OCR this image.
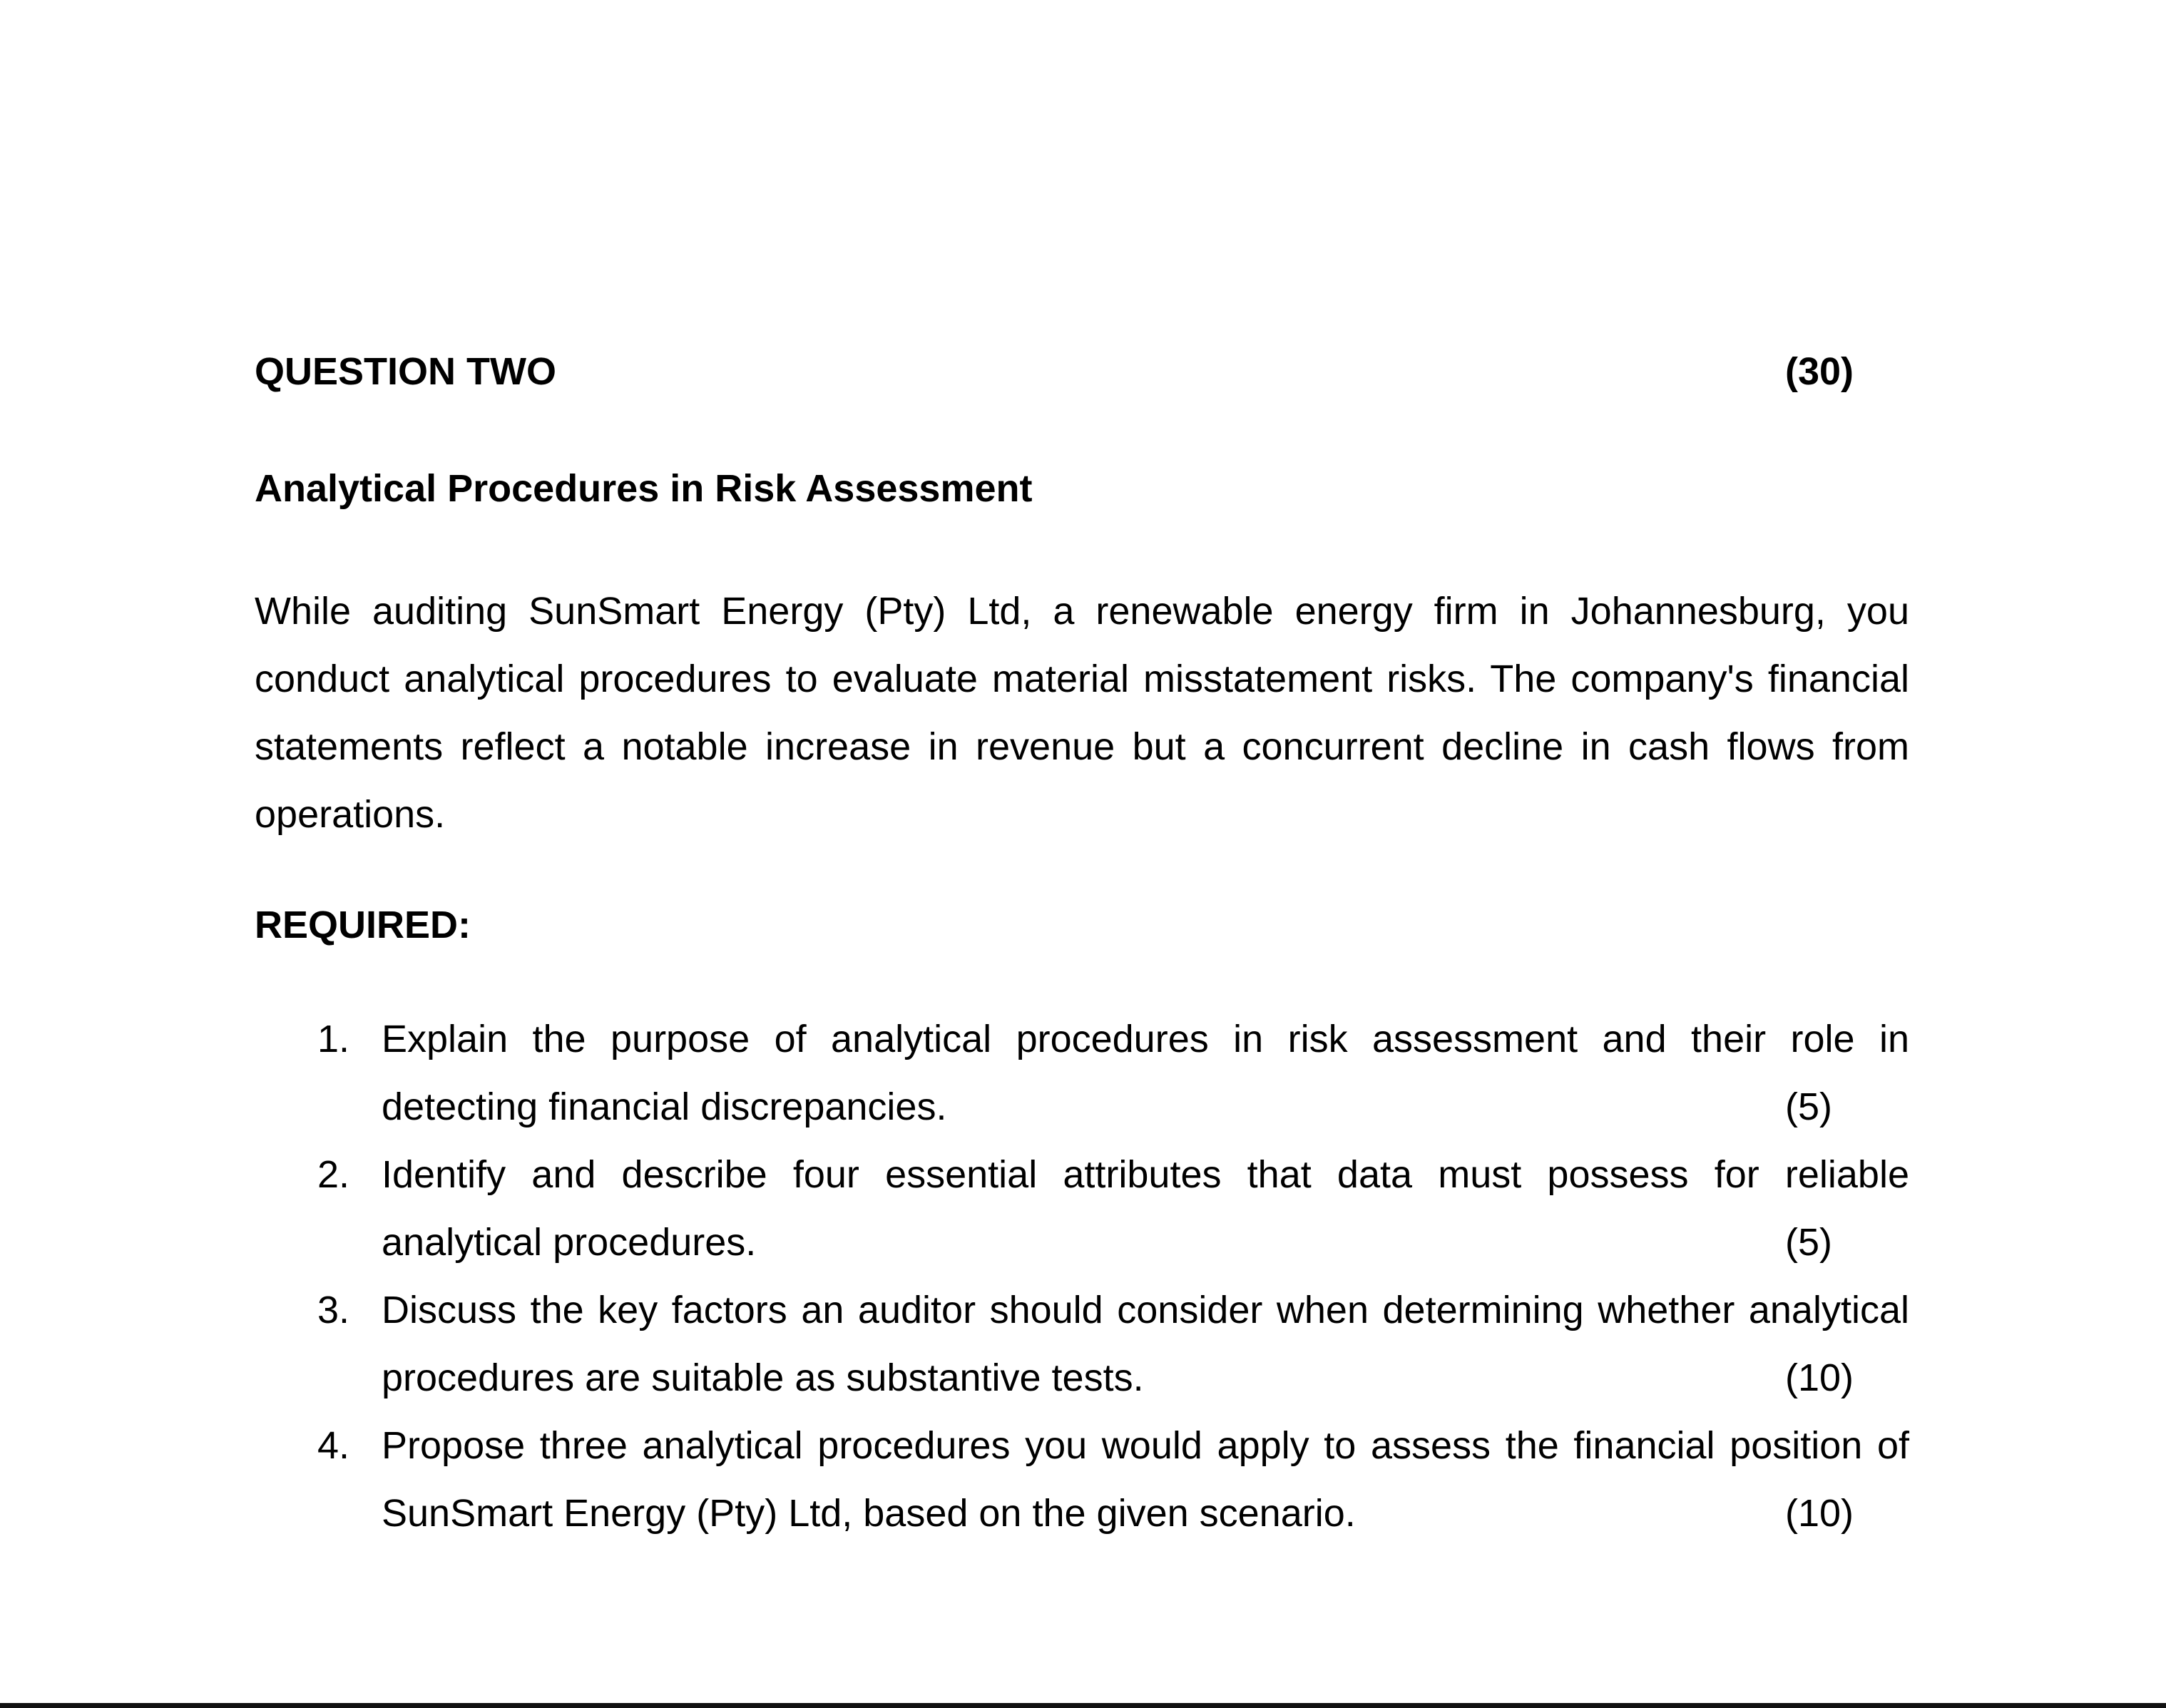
QUESTION TWO	(30)
Analytical Procedures in Risk Assessment

While auditing SunSmart Energy (Pty) Ltd, a renewable energy firm in Johannesburg, you conduct analytical procedures to evaluate material misstatement risks. The company's financial statements reflect a notable increase in revenue but a concurrent decline in cash flows from operations.

REQUIRED:
1. Explain the purpose of analytical procedures in risk assessment and their role in detecting financial discrepancies.	(5)
2. Identify and describe four essential attributes that data must possess for reliable analytical procedures.	(5)
3. Discuss the key factors an auditor should consider when determining whether analytical procedures are suitable as substantive tests.	(10)
4. Propose three analytical procedures you would apply to assess the financial position of SunSmart Energy (Pty) Ltd, based on the given scenario.	(10)
